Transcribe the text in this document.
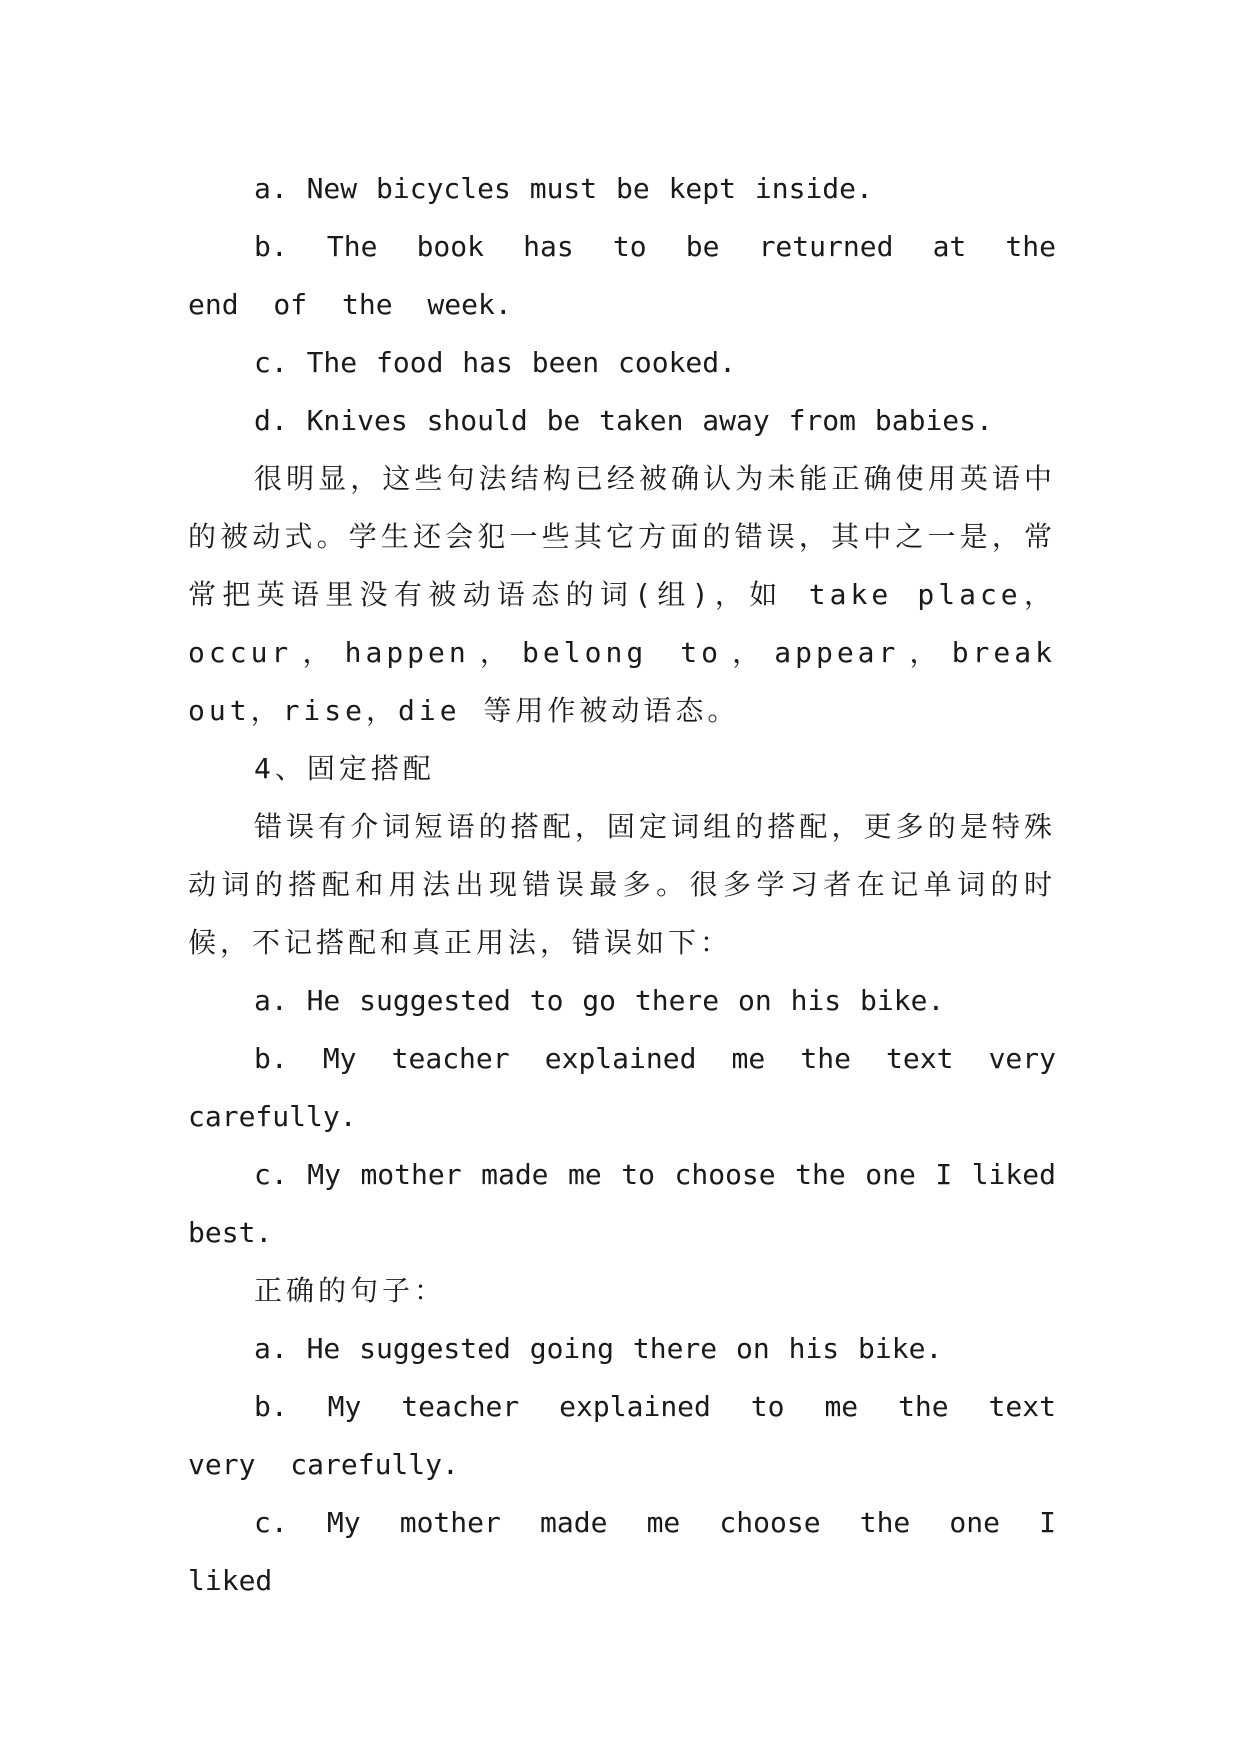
a. New bicycles must be kept inside.

b. The book has to be returned at the end of the week.

c. The food has been cooked.

d. Knives should be taken away from babies.

很明显，这些句法结构已经被确认为未能正确使用英语中的被动式。学生还会犯一些其它方面的错误，其中之一是，常常把英语里没有被动语态的词(组)，如 take place，occur，happen，belong to，appear，break out，rise，die 等用作被动语态。

4、固定搭配

错误有介词短语的搭配，固定词组的搭配，更多的是特殊动词的搭配和用法出现错误最多。很多学习者在记单词的时候，不记搭配和真正用法，错误如下：

a. He suggested to go there on his bike.

b. My teacher explained me the text very carefully.

c. My mother made me to choose the one I liked best.

正确的句子：

a. He suggested going there on his bike.

b. My teacher explained to me the text very carefully.

c. My mother made me choose the one I liked
